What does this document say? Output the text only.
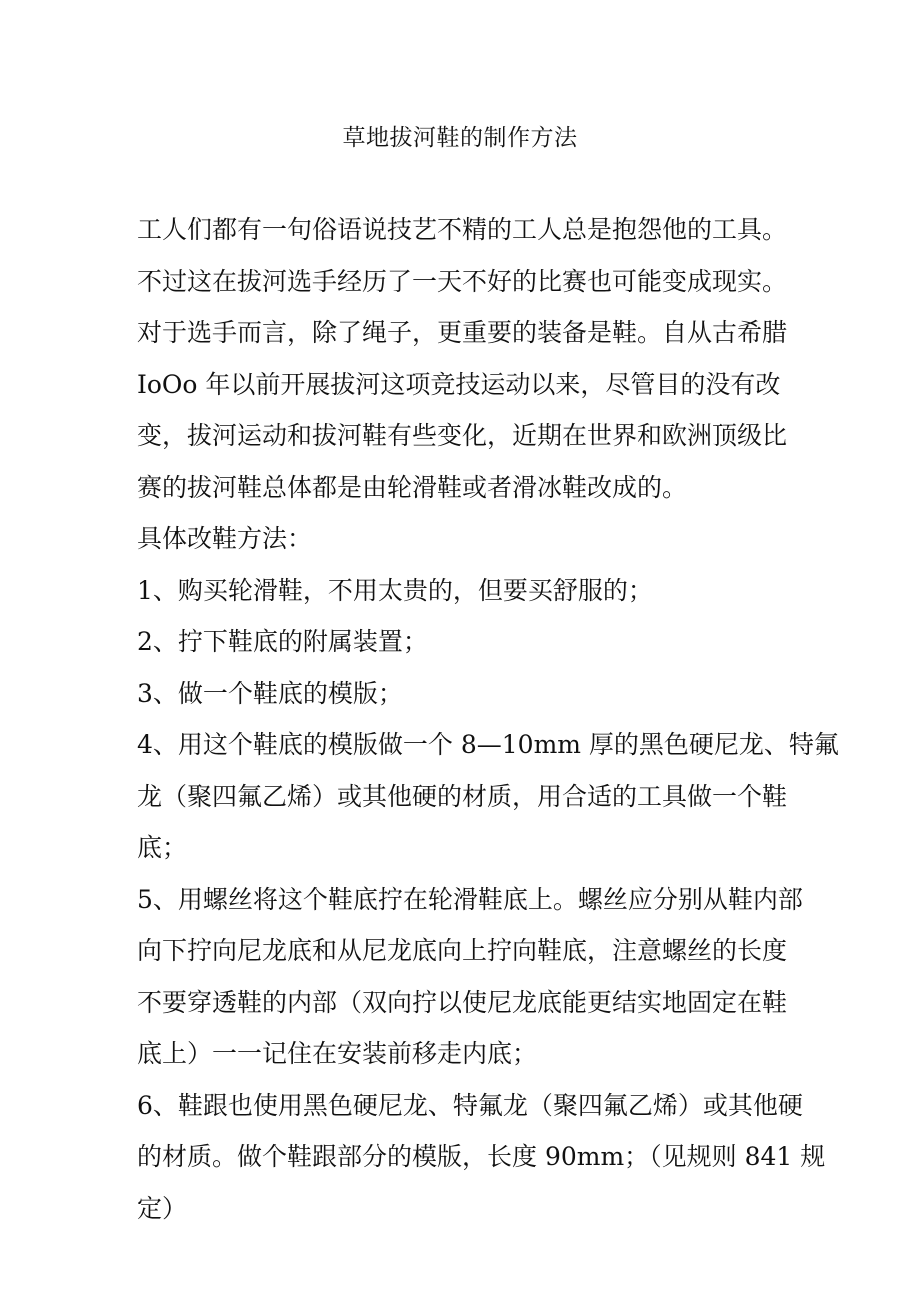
草地拔河鞋的制作方法

工人们都有一句俗语说技艺不精的工人总是抱怨他的工具。
不过这在拔河选手经历了一天不好的比赛也可能变成现实。
对于选手而言，除了绳子，更重要的装备是鞋。自从古希腊
IoOo 年以前开展拔河这项竞技运动以来，尽管目的没有改
变，拔河运动和拔河鞋有些变化，近期在世界和欧洲顶级比
赛的拔河鞋总体都是由轮滑鞋或者滑冰鞋改成的。

具体改鞋方法：

1、购买轮滑鞋，不用太贵的，但要买舒服的；

2、拧下鞋底的附属装置；

3、做一个鞋底的模版；

4、用这个鞋底的模版做一个 8—10mm 厚的黑色硬尼龙、特氟
龙（聚四氟乙烯）或其他硬的材质，用合适的工具做一个鞋
底；

5、用螺丝将这个鞋底拧在轮滑鞋底上。螺丝应分别从鞋内部
向下拧向尼龙底和从尼龙底向上拧向鞋底，注意螺丝的长度
不要穿透鞋的内部（双向拧以使尼龙底能更结实地固定在鞋
底上）一一记住在安装前移走内底；

6、鞋跟也使用黑色硬尼龙、特氟龙（聚四氟乙烯）或其他硬
的材质。做个鞋跟部分的模版，长度 90mm；（见规则 841 规
定）
